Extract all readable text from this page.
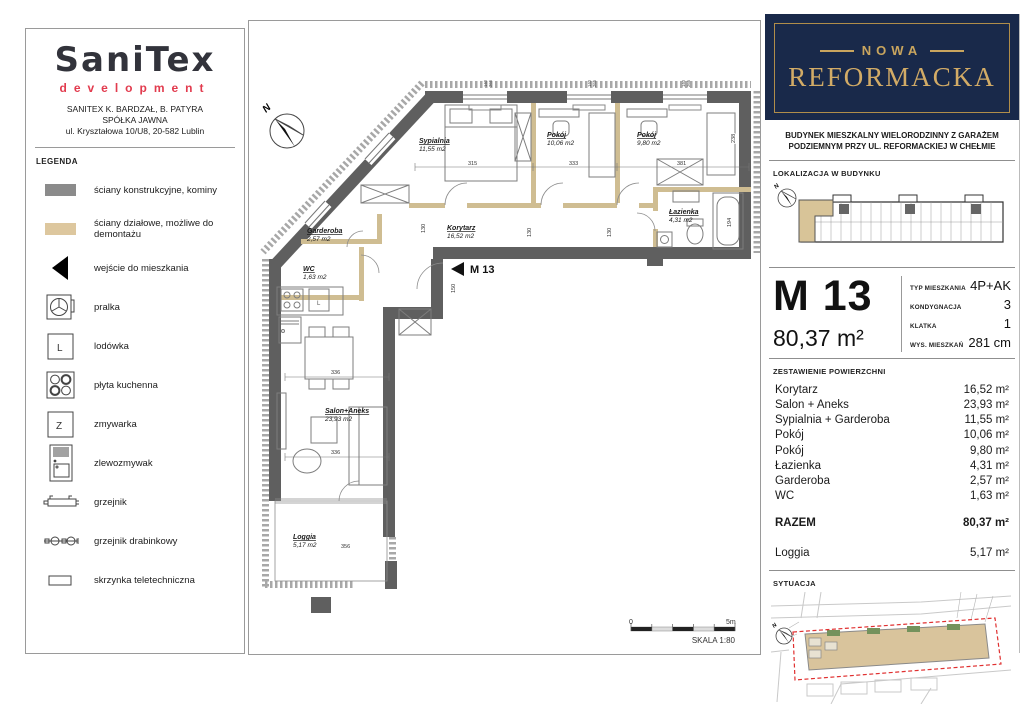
SaniTex
development
SANITEX K. BARDZAŁ, B. PATYRA
SPÓŁKA JAWNA
ul. Kryształowa 10/U8, 20-582 Lublin
LEGENDA
ściany konstrukcyjne, kominy
ściany działowe, możliwe do demontażu
wejście do mieszkania
pralka
L	lodówka
płyta kuchenna
Z	zmywarka
zlewozmywak
grzejnik
grzejnik drabinkowy
skrzynka teletechniczna
N
M 13
Sypialnia
11,55 m2
Pokój
10,06 m2
Pokój
9,80 m2
Łazienka
4,31 m2
Korytarz
16,52 m2
Garderoba
2,57 m2
WC
1,63 m2
Salon+Aneks
23,93 m2
Loggia
5,17 m2
L
315	333	381
130	130	130
150
238
194
336
336
356
140 265	140 265	140 265
0	5m
SKALA 1:80
NOWA
REFORMACKA
BUDYNEK MIESZKALNY WIELORODZINNY Z GARAŻEM PODZIEMNYM PRZY UL. REFORMACKIEJ W CHEŁMIE
LOKALIZACJA W BUDYNKU
N
M 13
80,37 m²
TYP MIESZKANIA 4P+AK
KONDYGNACJA	3
KLATKA	1
WYS. MIESZKAŃ 281 cm
ZESTAWIENIE POWIERZCHNI
Korytarz	16,52 m²
Salon + Aneks	23,93 m²
Sypialnia + Garderoba	11,55 m²
Pokój	10,06 m²
Pokój	9,80 m²
Łazienka	4,31 m²
Garderoba	2,57 m²
WC	1,63 m²
RAZEM	80,37 m²
Loggia	5,17 m²
SYTUACJA
N
